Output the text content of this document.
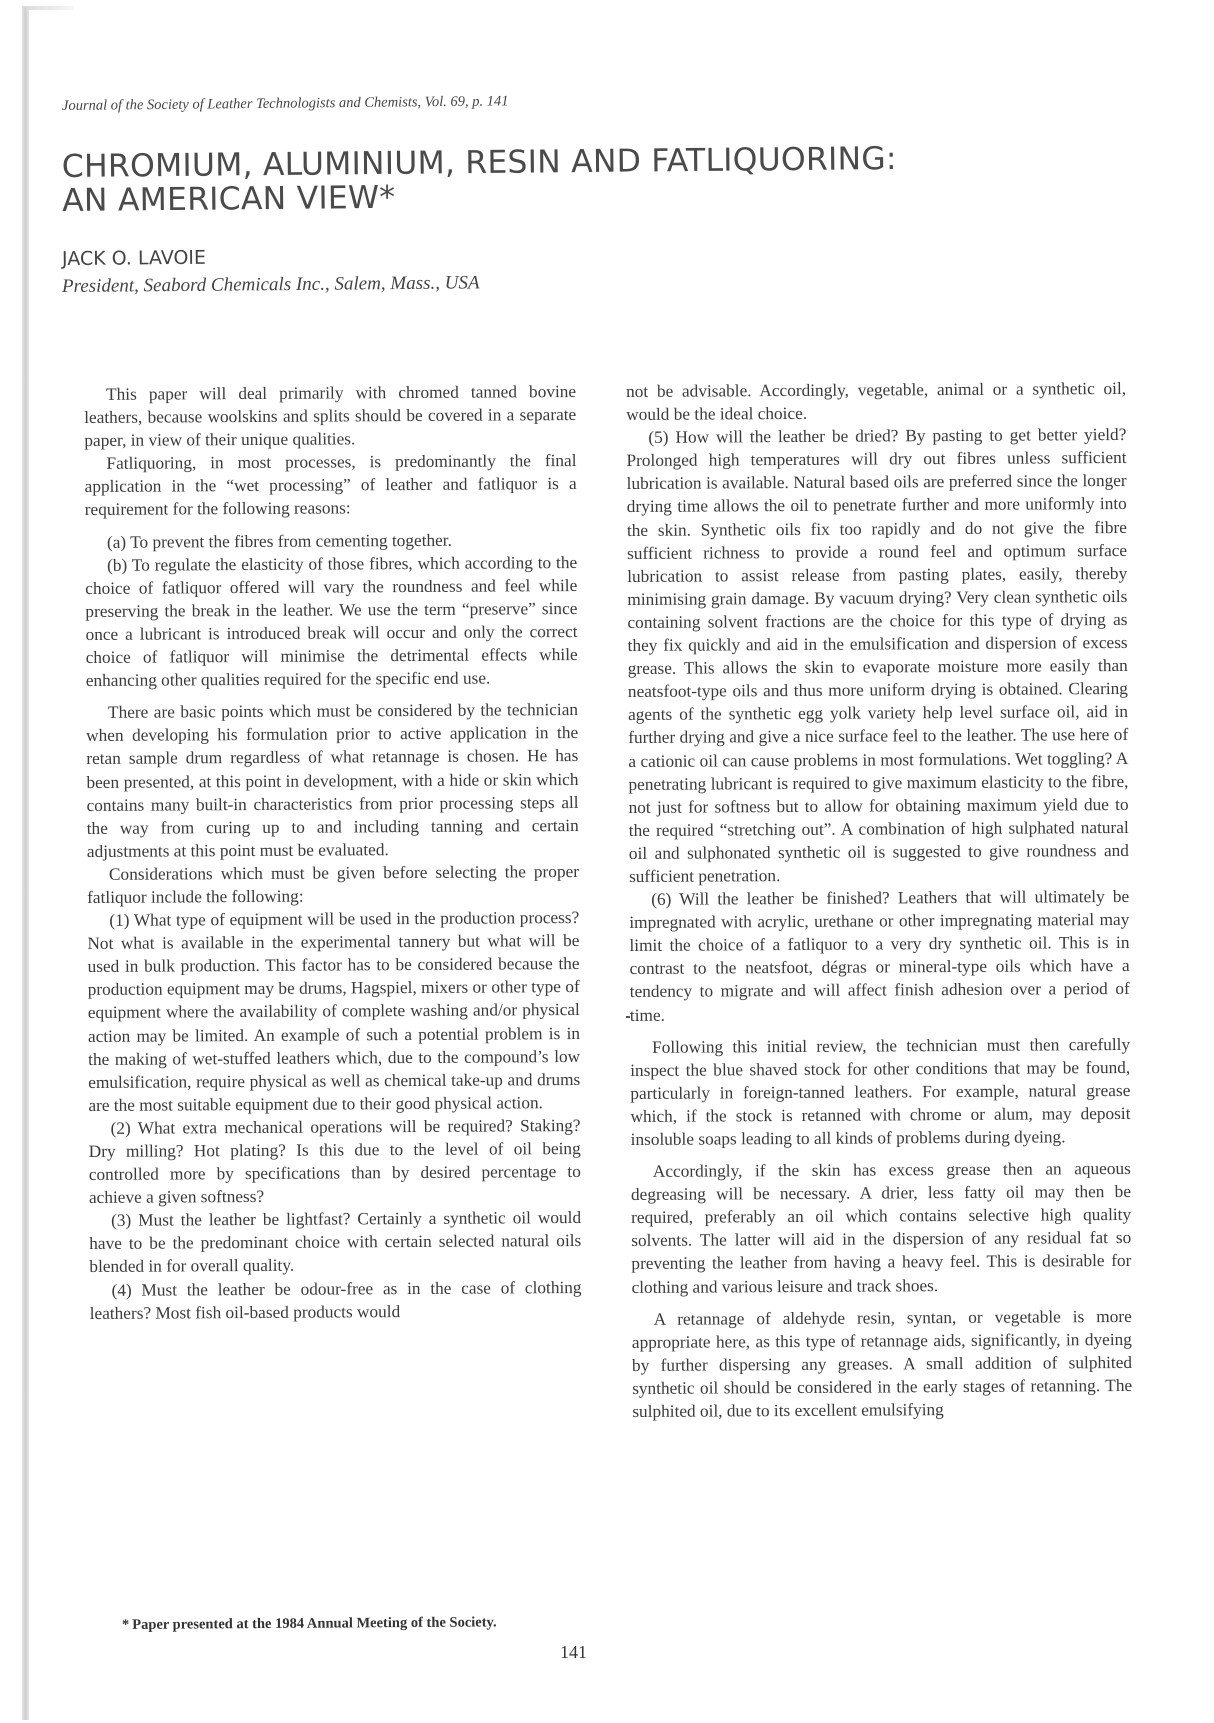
Journal of the Society of Leather Technologists and Chemists, Vol. 69, p. 141
CHROMIUM, ALUMINIUM, RESIN AND FATLIQUORING:
AN AMERICAN VIEW*
JACK O. LAVOIE
President, Seabord Chemicals Inc., Salem, Mass., USA

This paper will deal primarily with chromed tanned bovine leathers, because woolskins and splits should be covered in a separate paper, in view of their unique qualities.

Fatliquoring, in most processes, is predominantly the final application in the “wet processing” of leather and fatliquor is a requirement for the following reasons:

(a) To prevent the fibres from cementing together.

(b) To regulate the elasticity of those fibres, which according to the choice of fatliquor offered will vary the roundness and feel while preserving the break in the leather. We use the term “preserve” since once a lubricant is introduced break will occur and only the correct choice of fatliquor will minimise the detrimental effects while enhancing other qualities required for the specific end use.

There are basic points which must be considered by the technician when developing his formulation prior to active application in the retan sample drum regardless of what retannage is chosen. He has been presented, at this point in development, with a hide or skin which contains many built-in characteristics from prior processing steps all the way from curing up to and including tanning and certain adjustments at this point must be evaluated.

Considerations which must be given before selecting the proper fatliquor include the following:

(1) What type of equipment will be used in the production process? Not what is available in the experimental tannery but what will be used in bulk production. This factor has to be considered because the production equipment may be drums, Hagspiel, mixers or other type of equipment where the availability of complete washing and/or physical action may be limited. An example of such a potential problem is in the making of wet-stuffed leathers which, due to the compound’s low emulsification, require physical as well as chemical take-up and drums are the most suitable equipment due to their good physical action.

(2) What extra mechanical operations will be required? Staking? Dry milling? Hot plating? Is this due to the level of oil being controlled more by specifications than by desired percentage to achieve a given softness?

(3) Must the leather be lightfast? Certainly a synthetic oil would have to be the predominant choice with certain selected natural oils blended in for overall quality.

(4) Must the leather be odour-free as in the case of clothing leathers? Most fish oil-based products would

not be advisable. Accordingly, vegetable, animal or a synthetic oil, would be the ideal choice.

(5) How will the leather be dried? By pasting to get better yield? Prolonged high temperatures will dry out fibres unless sufficient lubrication is available. Natural based oils are preferred since the longer drying time allows the oil to penetrate further and more uniformly into the skin. Synthetic oils fix too rapidly and do not give the fibre sufficient richness to provide a round feel and optimum surface lubrication to assist release from pasting plates, easily, thereby minimising grain damage. By vacuum drying? Very clean synthetic oils containing solvent fractions are the choice for this type of drying as they fix quickly and aid in the emulsification and dispersion of excess grease. This allows the skin to evaporate moisture more easily than neatsfoot-type oils and thus more uniform drying is obtained. Clearing agents of the synthetic egg yolk variety help level surface oil, aid in further drying and give a nice surface feel to the leather. The use here of a cationic oil can cause problems in most formulations. Wet toggling? A penetrating lubricant is required to give maximum elasticity to the fibre, not just for softness but to allow for obtaining maximum yield due to the required “stretching out”. A combination of high sulphated natural oil and sulphonated synthetic oil is suggested to give roundness and sufficient penetration.

(6) Will the leather be finished? Leathers that will ultimately be impregnated with acrylic, urethane or other impregnating material may limit the choice of a fatliquor to a very dry synthetic oil. This is in contrast to the neatsfoot, dégras or mineral-type oils which have a tendency to migrate and will affect finish adhesion over a period of time.

Following this initial review, the technician must then carefully inspect the blue shaved stock for other conditions that may be found, particularly in foreign-tanned leathers. For example, natural grease which, if the stock is retanned with chrome or alum, may deposit insoluble soaps leading to all kinds of problems during dyeing.

Accordingly, if the skin has excess grease then an aqueous degreasing will be necessary. A drier, less fatty oil may then be required, preferably an oil which contains selective high quality solvents. The latter will aid in the dispersion of any residual fat so preventing the leather from having a heavy feel. This is desirable for clothing and various leisure and track shoes.

A retannage of aldehyde resin, syntan, or vegetable is more appropriate here, as this type of retannage aids, significantly, in dyeing by further dispersing any greases. A small addition of sulphited synthetic oil should be considered in the early stages of retanning. The sulphited oil, due to its excellent emulsifying

* Paper presented at the 1984 Annual Meeting of the Society.
141
